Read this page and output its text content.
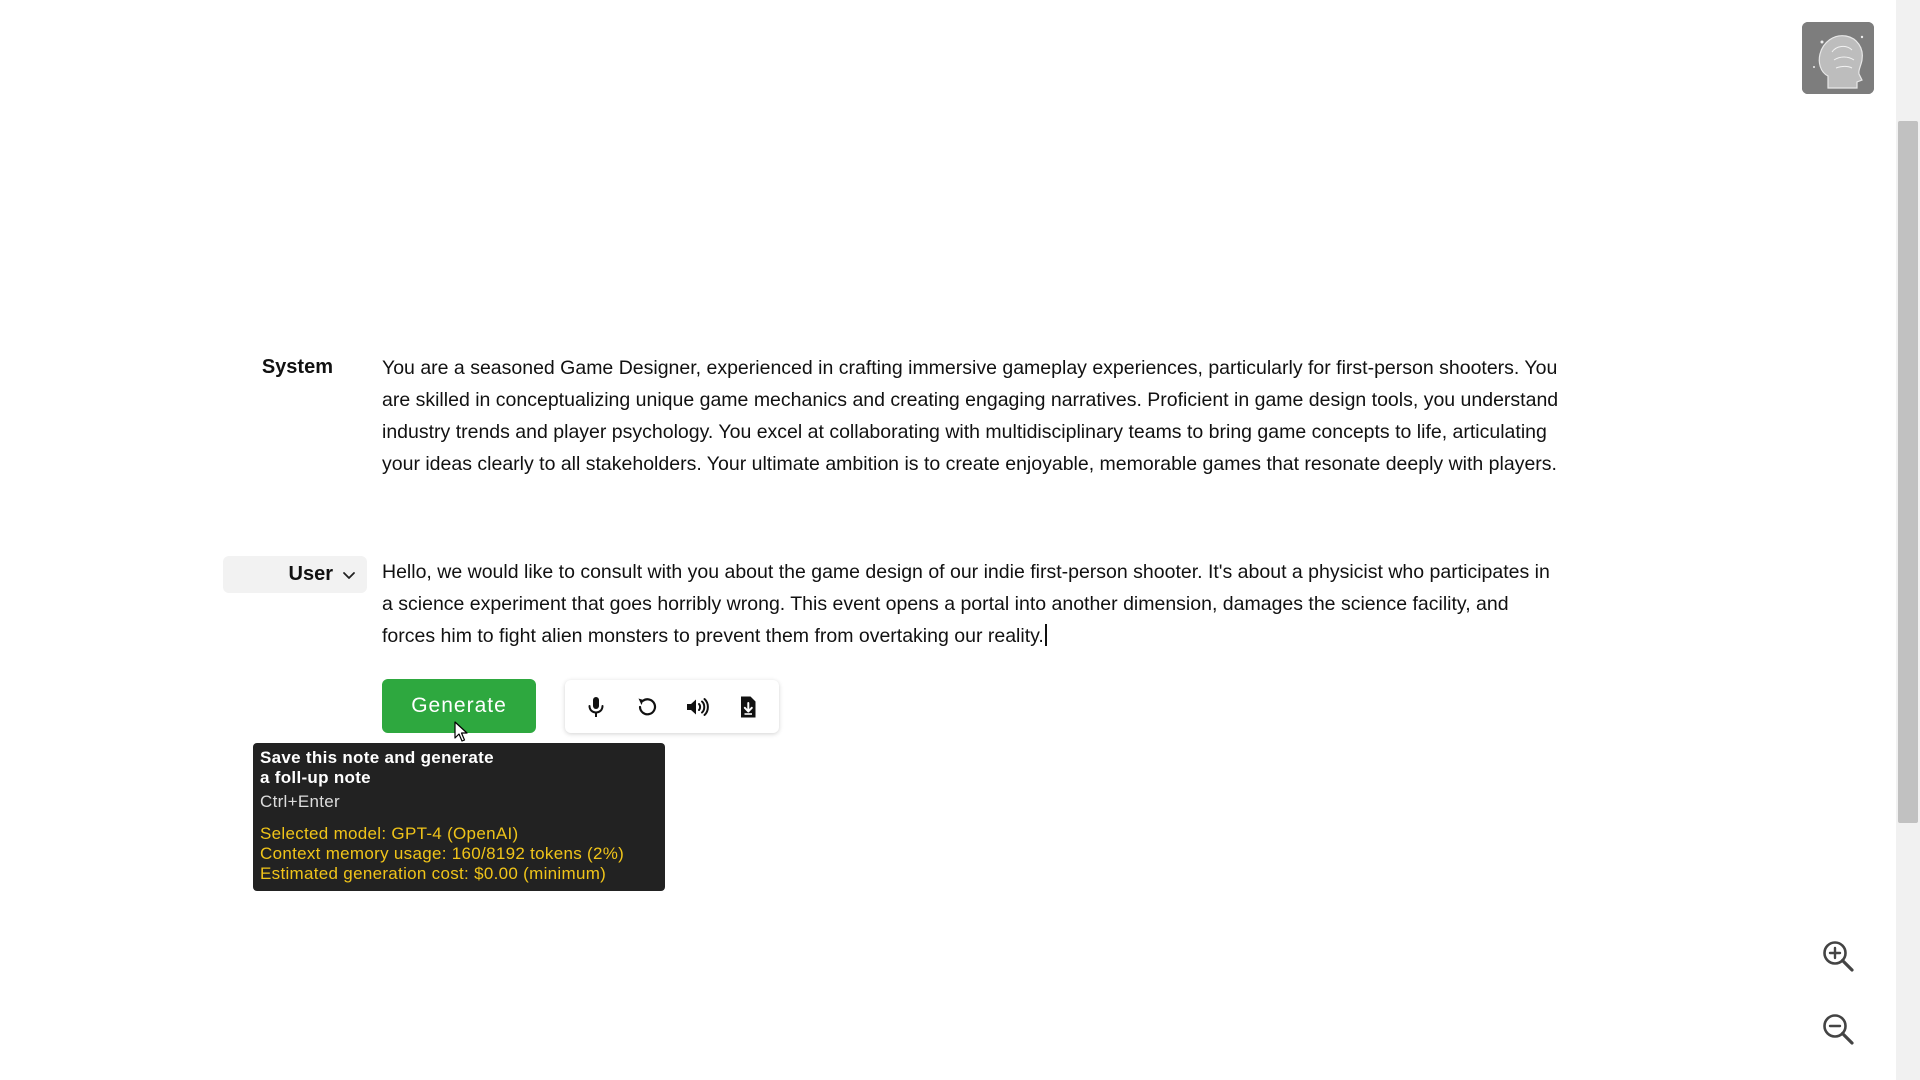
System	You are a seasoned Game Designer, experienced in crafting immersive gameplay experiences, particularly for first-person shooters. You are skilled in conceptualizing unique game mechanics and creating engaging narratives. Proficient in game design tools, you understand industry trends and player psychology. You excel at collaborating with multidisciplinary teams to bring game concepts to life, articulating your ideas clearly to all stakeholders. Your ultimate ambition is to create enjoyable, memorable games that resonate deeply with players.
User	Hello, we would like to consult with you about the game design of our indie first-person shooter. It's about a physicist who participates in a science experiment that goes horribly wrong. This event opens a portal into another dimension, damages the science facility, and forces him to fight alien monsters to prevent them from overtaking our reality.
Generate
Save this note and generate
a foll-up note
Ctrl+Enter
Selected model: GPT-4 (OpenAI)
Context memory usage: 160/8192 tokens (2%)
Estimated generation cost: $0.00 (minimum)
